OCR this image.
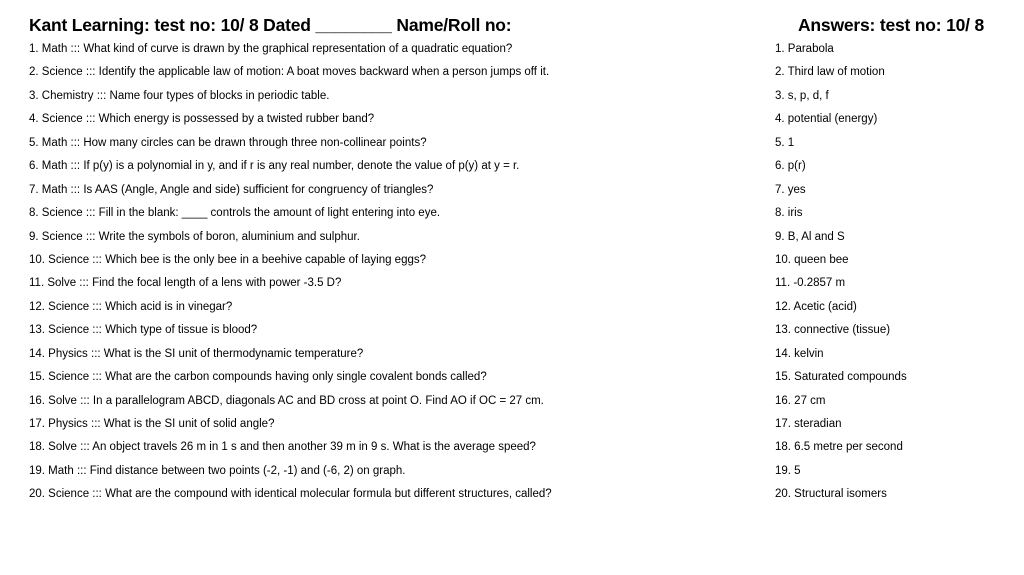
Kant Learning: test no: 10/ 8 Dated ________ Name/Roll no:	Answers: test no: 10/ 8
1. Math ::: What kind of curve is drawn by the graphical representation of a quadratic equation?
2. Science ::: Identify the applicable law of motion: A boat moves backward when a person jumps off it.
3. Chemistry ::: Name four types of blocks in periodic table.
4. Science ::: Which energy is possessed by a twisted rubber band?
5. Math ::: How many circles can be drawn through three non-collinear points?
6. Math ::: If p(y) is a polynomial in y, and if r is any real number, denote the value of p(y) at y = r.
7. Math ::: Is AAS (Angle, Angle and side) sufficient for congruency of triangles?
8. Science ::: Fill in the blank: ____ controls the amount of light entering into eye.
9. Science ::: Write the symbols of boron, aluminium and sulphur.
10. Science ::: Which bee is the only bee in a beehive capable of laying eggs?
11. Solve ::: Find the focal length of a lens with power -3.5 D?
12. Science ::: Which acid is in vinegar?
13. Science ::: Which type of tissue is blood?
14. Physics ::: What is the SI unit of thermodynamic temperature?
15. Science ::: What are the carbon compounds having only single covalent bonds called?
16. Solve ::: In a parallelogram ABCD, diagonals AC and BD cross at point O. Find AO if OC = 27 cm.
17. Physics ::: What is the SI unit of solid angle?
18. Solve ::: An object travels 26 m in 1 s and then another 39 m in 9 s. What is the average speed?
19. Math ::: Find distance between two points (-2, -1) and (-6, 2) on graph.
20. Science ::: What are the compound with identical molecular formula but different structures, called?
1. Parabola
2. Third law of motion
3. s, p, d, f
4. potential (energy)
5. 1
6. p(r)
7. yes
8. iris
9. B, Al and S
10. queen bee
11. -0.2857 m
12. Acetic (acid)
13. connective (tissue)
14. kelvin
15. Saturated compounds
16. 27 cm
17. steradian
18. 6.5 metre per second
19. 5
20. Structural isomers
